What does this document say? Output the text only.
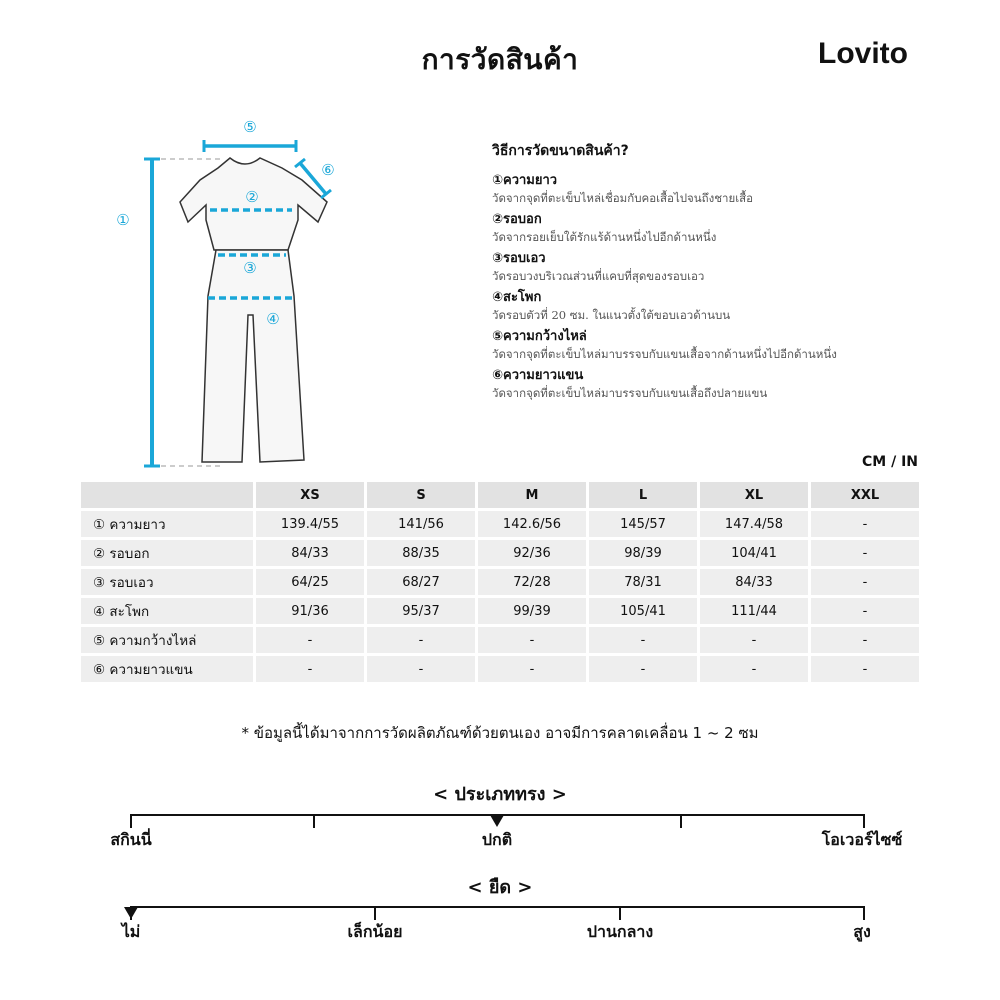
การวัดสินค้า	Lovito
①
②
③
④
⑤
⑥
วิธีการวัดขนาดสินค้า?
①ความยาว
วัดจากจุดที่ตะเข็บไหล่เชื่อมกับคอเสื้อไปจนถึงชายเสื้อ
②รอบอก
วัดจากรอยเย็บใต้รักแร้ด้านหนึ่งไปอีกด้านหนึ่ง
③รอบเอว
วัดรอบวงบริเวณส่วนที่แคบที่สุดของรอบเอว
④สะโพก
วัดรอบตัวที่ 20 ซม. ในแนวตั้งใต้ขอบเอวด้านบน
⑤ความกว้างไหล่
วัดจากจุดที่ตะเข็บไหล่มาบรรจบกับแขนเสื้อจากด้านหนึ่งไปอีกด้านหนึ่ง
⑥ความยาวแขน
วัดจากจุดที่ตะเข็บไหล่มาบรรจบกับแขนเสื้อถึงปลายแขน
CM / IN
	XS	S	M	L	XL	XXL
① ความยาว	139.4/55	141/56	142.6/56	145/57	147.4/58	-
② รอบอก	84/33	88/35	92/36	98/39	104/41	-
③ รอบเอว	64/25	68/27	72/28	78/31	84/33	-
④ สะโพก	91/36	95/37	99/39	105/41	111/44	-
⑤ ความกว้างไหล่	-	-	-	-	-	-
⑥ ความยาวแขน	-	-	-	-	-	-
* ข้อมูลนี้ได้มาจากการวัดผลิตภัณฑ์ด้วยตนเอง อาจมีการคลาดเคลื่อน 1 ~ 2 ซม
< ประเภททรง >
สกินนี่	ปกติ	โอเวอร์ไซซ์
< ยืด >
ไม่	เล็กน้อย	ปานกลาง	สูง
